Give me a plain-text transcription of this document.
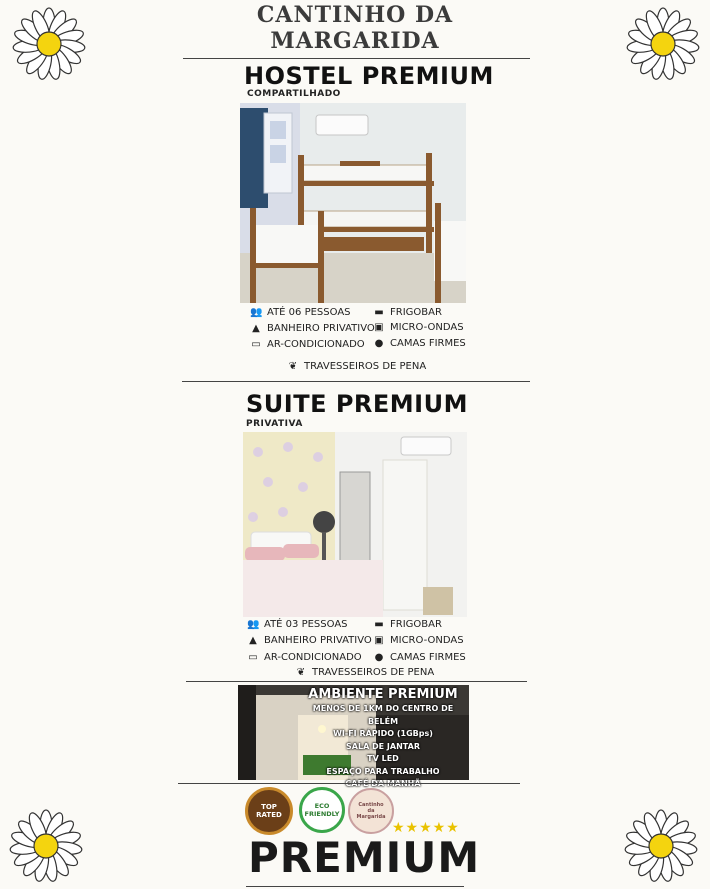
CANTINHO DA
MARGARIDA
HOSTEL PREMIUM
COMPARTILHADO
👥 ATÉ 06 PESSOAS
▲ BANHEIRO PRIVATIVO
▭ AR-CONDICIONADO
▬ FRIGOBAR
▣ MICRO-ONDAS
● CAMAS FIRMES
❦ TRAVESSEIROS DE PENA
SUITE PREMIUM
PRIVATIVA
👥 ATÉ 03 PESSOAS
▲ BANHEIRO PRIVATIVO
▭ AR-CONDICIONADO
▬ FRIGOBAR
▣ MICRO-ONDAS
● CAMAS FIRMES
❦ TRAVESSEIROS DE PENA
AMBIENTE PREMIUM
MENOS DE 1KM DO CENTRO DE BELÉM
WI-FI RÁPIDO (1GBps)
SALA DE JANTAR
TV LED
ESPAÇO PARA TRABALHO
TOP RATED
ECO FRIENDLY
Cantinho da Margarida
★★★★★
PREMIUM
